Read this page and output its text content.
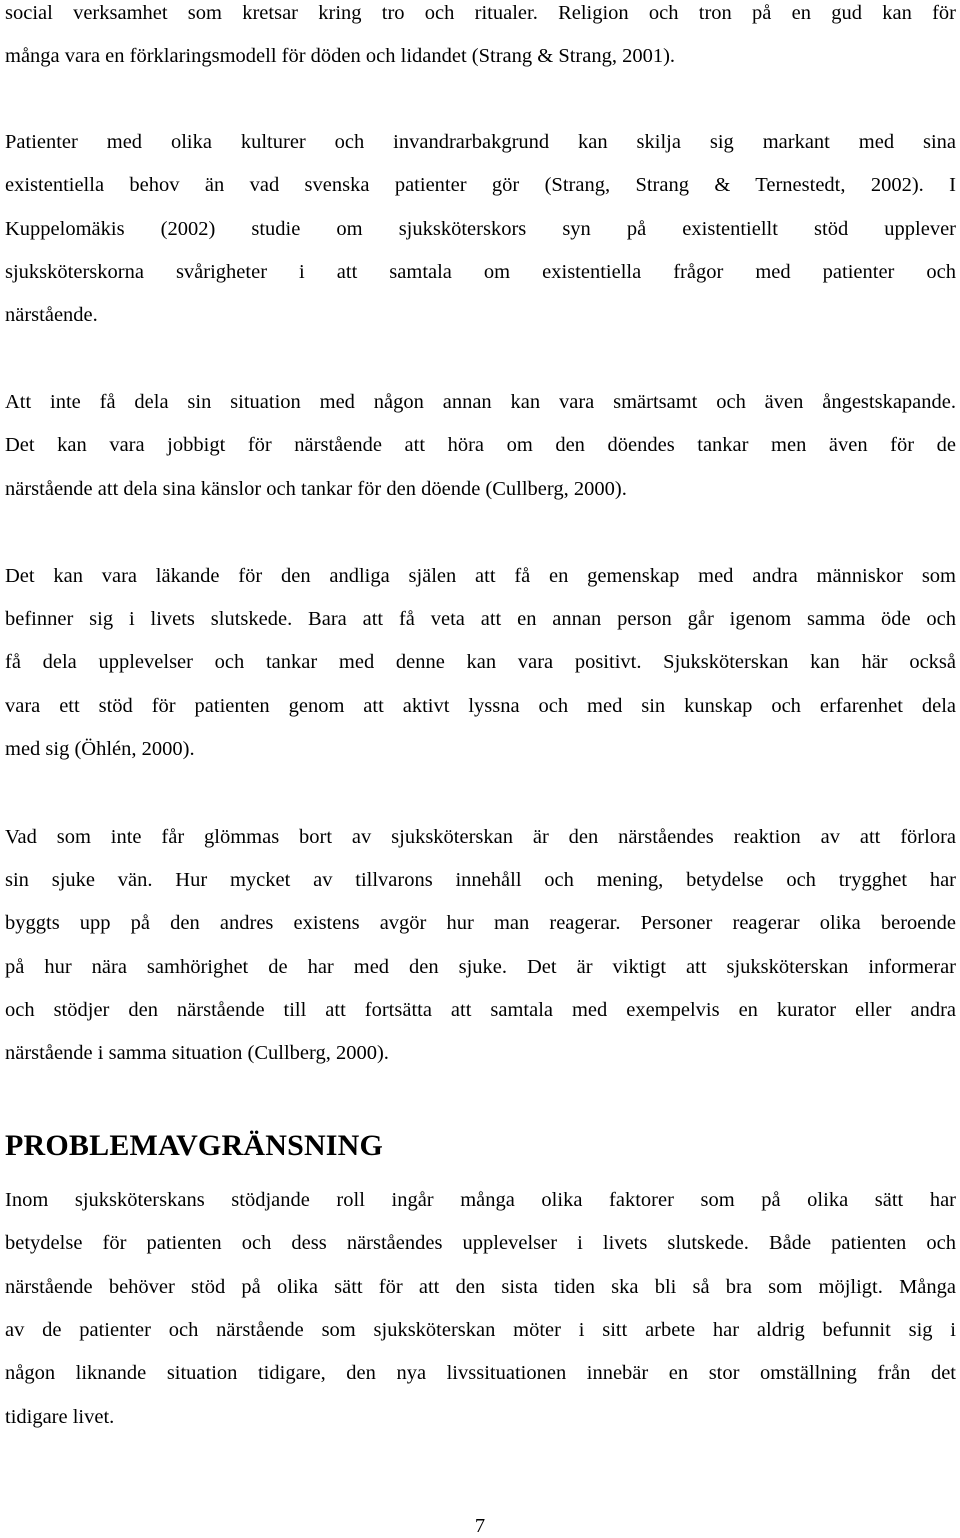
social verksamhet som kretsar kring tro och ritualer. Religion och tron på en gud kan för
många vara en förklaringsmodell för döden och lidandet (Strang & Strang, 2001).
Patienter med olika kulturer och invandrarbakgrund kan skilja sig markant med sina
existentiella behov än vad svenska patienter gör (Strang, Strang & Ternestedt, 2002). I
Kuppelomäkis (2002) studie om sjuksköterskors syn på existentiellt stöd upplever
sjuksköterskorna svårigheter i att samtala om existentiella frågor med patienter och
närstående.
Att inte få dela sin situation med någon annan kan vara smärtsamt och även ångestskapande.
Det kan vara jobbigt för närstående att höra om den döendes tankar men även för de
närstående att dela sina känslor och tankar för den döende (Cullberg, 2000).
Det kan vara läkande för den andliga själen att få en gemenskap med andra människor som
befinner sig i livets slutskede. Bara att få veta att en annan person går igenom samma öde och
få dela upplevelser och tankar med denne kan vara positivt. Sjuksköterskan kan här också
vara ett stöd för patienten genom att aktivt lyssna och med sin kunskap och erfarenhet dela
med sig (Öhlén, 2000).
Vad som inte får glömmas bort av sjuksköterskan är den närståendes reaktion av att förlora
sin sjuke vän. Hur mycket av tillvarons innehåll och mening, betydelse och trygghet har
byggts upp på den andres existens avgör hur man reagerar. Personer reagerar olika beroende
på hur nära samhörighet de har med den sjuke. Det är viktigt att sjuksköterskan informerar
och stödjer den närstående till att fortsätta att samtala med exempelvis en kurator eller andra
närstående i samma situation (Cullberg, 2000).
PROBLEMAVGRÄNSNING
Inom sjuksköterskans stödjande roll ingår många olika faktorer som på olika sätt har
betydelse för patienten och dess närståendes upplevelser i livets slutskede. Både patienten och
närstående behöver stöd på olika sätt för att den sista tiden ska bli så bra som möjligt. Många
av de patienter och närstående som sjuksköterskan möter i sitt arbete har aldrig befunnit sig i
någon liknande situation tidigare, den nya livssituationen innebär en stor omställning från det
tidigare livet.
7
